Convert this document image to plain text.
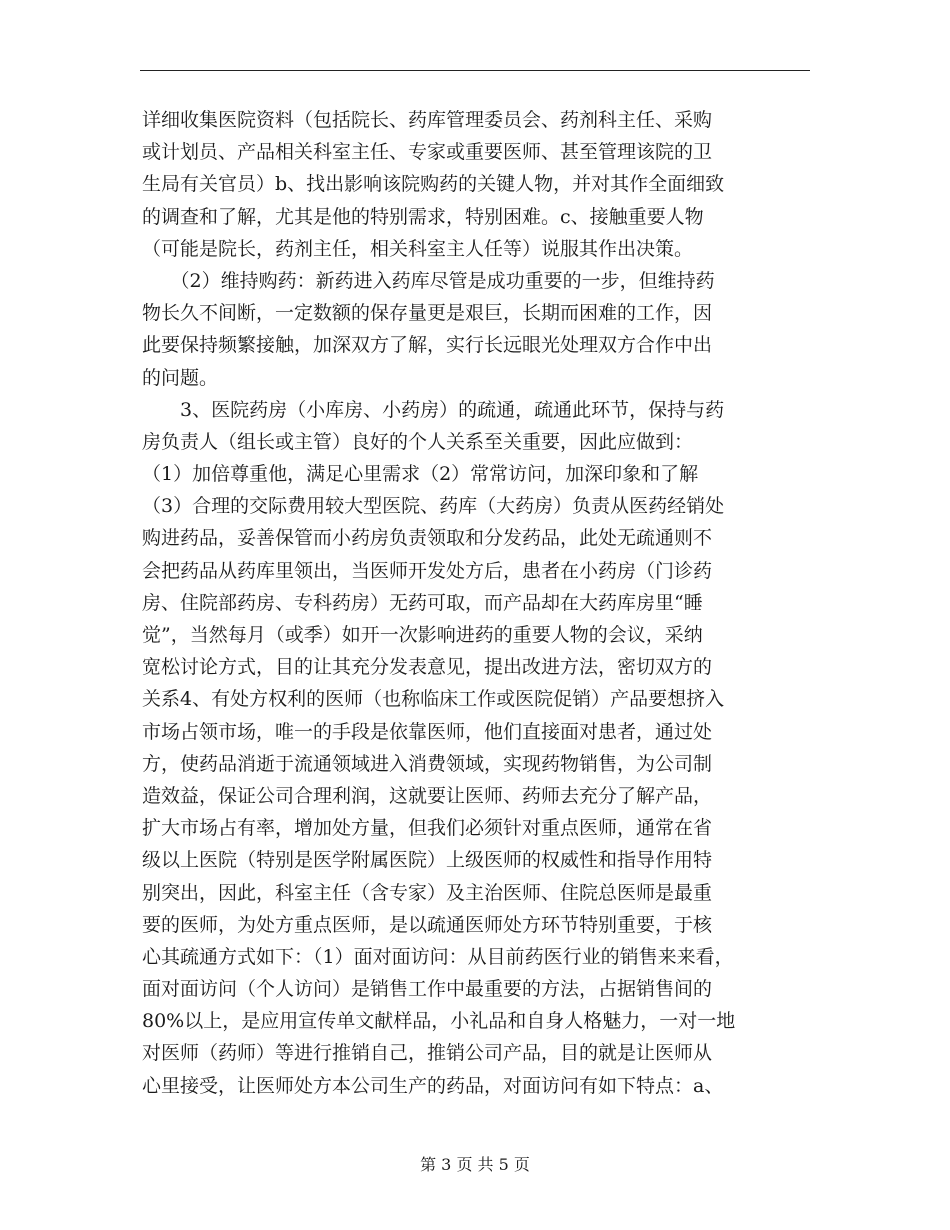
详细收集医院资料（包括院长、药库管理委员会、药剂科主任、采购
或计划员、产品相关科室主任、专家或重要医师、甚至管理该院的卫
生局有关官员）b、找出影响该院购药的关键人物，并对其作全面细致
的调查和了解，尤其是他的特别需求，特别困难。c、接触重要人物
（可能是院长，药剂主任，相关科室主人任等）说服其作出决策。
　　（2）维持购药：新药进入药库尽管是成功重要的一步，但维持药
物长久不间断，一定数额的保存量更是艰巨，长期而困难的工作，因
此要保持频繁接触，加深双方了解，实行长远眼光处理双方合作中出
的问题。
　　3、医院药房（小库房、小药房）的疏通，疏通此环节，保持与药
房负责人（组长或主管）良好的个人关系至关重要，因此应做到：
（1）加倍尊重他，满足心里需求（2）常常访问，加深印象和了解
（3）合理的交际费用较大型医院、药库（大药房）负责从医药经销处
购进药品，妥善保管而小药房负责领取和分发药品，此处无疏通则不
会把药品从药库里领出，当医师开发处方后，患者在小药房（门诊药
房、住院部药房、专科药房）无药可取，而产品却在大药库房里“睡
觉”，当然每月（或季）如开一次影响进药的重要人物的会议，采纳
宽松讨论方式，目的让其充分发表意见，提出改进方法，密切双方的
关系4、有处方权利的医师（也称临床工作或医院促销）产品要想挤入
市场占领市场，唯一的手段是依靠医师，他们直接面对患者，通过处
方，使药品消逝于流通领域进入消费领域，实现药物销售，为公司制
造效益，保证公司合理利润，这就要让医师、药师去充分了解产品，
扩大市场占有率，增加处方量，但我们必须针对重点医师，通常在省
级以上医院（特别是医学附属医院）上级医师的权威性和指导作用特
别突出，因此，科室主任（含专家）及主治医师、住院总医师是最重
要的医师，为处方重点医师，是以疏通医师处方环节特别重要，于核
心其疏通方式如下：（1）面对面访问：从目前药医行业的销售来来看，
面对面访问（个人访问）是销售工作中最重要的方法，占据销售间的
80%以上，是应用宣传单文献样品，小礼品和自身人格魅力，一对一地
对医师（药师）等进行推销自己，推销公司产品，目的就是让医师从
心里接受，让医师处方本公司生产的药品，对面访问有如下特点：a、
第 3 页 共 5 页
